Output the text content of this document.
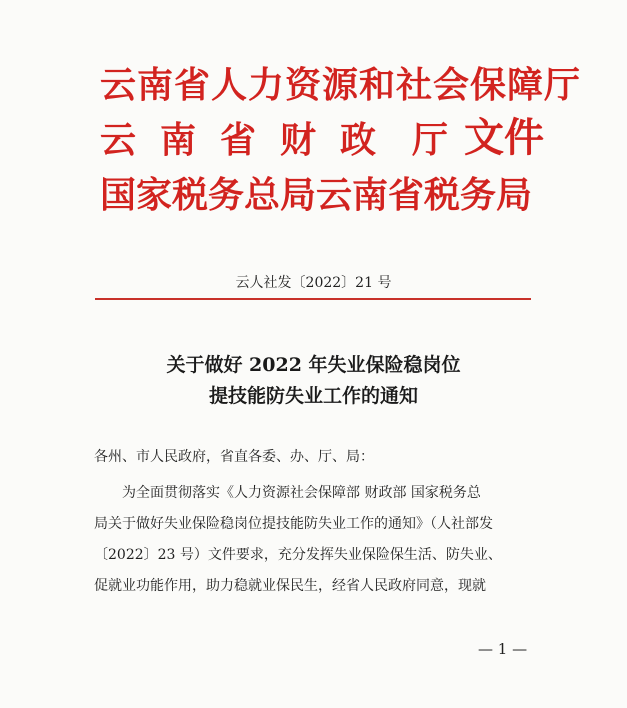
云南省人力资源和社会保障厅
云 南 省 财 政 厅 文件
国家税务总局云南省税务局
云人社发〔2022〕21 号
关于做好 2022 年失业保险稳岗位
提技能防失业工作的通知
各州、市人民政府，省直各委、办、厅、局：
为全面贯彻落实《人力资源社会保障部 财政部 国家税务总
局关于做好失业保险稳岗位提技能防失业工作的通知》（人社部发
〔2022〕23 号）文件要求，充分发挥失业保险保生活、防失业、
促就业功能作用，助力稳就业保民生，经省人民政府同意，现就
— 1 —
